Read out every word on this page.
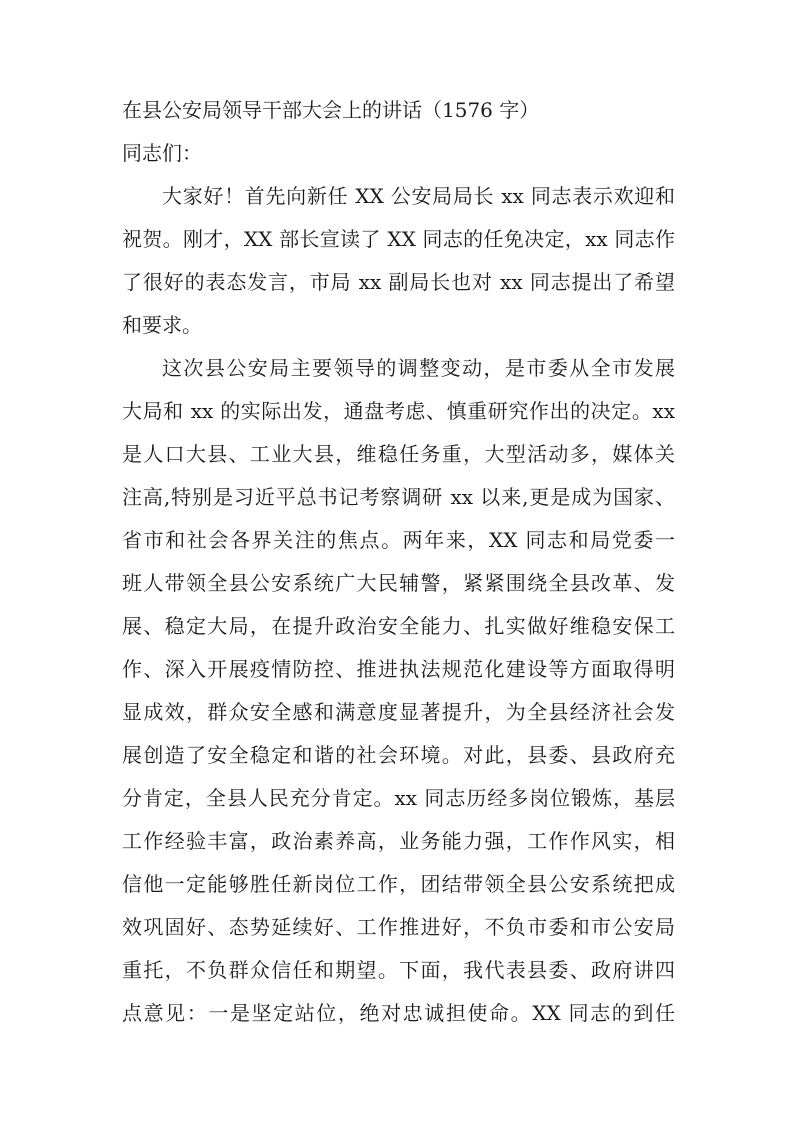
在县公安局领导干部大会上的讲话（1576 字）
同志们：
大家好！首先向新任 XX 公安局局长 xx 同志表示欢迎和
祝贺。刚才，XX 部长宣读了 XX 同志的任免决定，xx 同志作
了很好的表态发言，市局 xx 副局长也对 xx 同志提出了希望
和要求。
这次县公安局主要领导的调整变动，是市委从全市发展
大局和 xx 的实际出发，通盘考虑、慎重研究作出的决定。xx
是人口大县、工业大县，维稳任务重，大型活动多，媒体关
注高,特别是习近平总书记考察调研 xx 以来,更是成为国家、
省市和社会各界关注的焦点。两年来，XX 同志和局党委一
班人带领全县公安系统广大民辅警，紧紧围绕全县改革、发
展、稳定大局，在提升政治安全能力、扎实做好维稳安保工
作、深入开展疫情防控、推进执法规范化建设等方面取得明
显成效，群众安全感和满意度显著提升，为全县经济社会发
展创造了安全稳定和谐的社会环境。对此，县委、县政府充
分肯定，全县人民充分肯定。xx 同志历经多岗位锻炼，基层
工作经验丰富，政治素养高，业务能力强，工作作风实，相
信他一定能够胜任新岗位工作，团结带领全县公安系统把成
效巩固好、态势延续好、工作推进好，不负市委和市公安局
重托，不负群众信任和期望。下面，我代表县委、政府讲四
点意见：一是坚定站位，绝对忠诚担使命。XX 同志的到任
